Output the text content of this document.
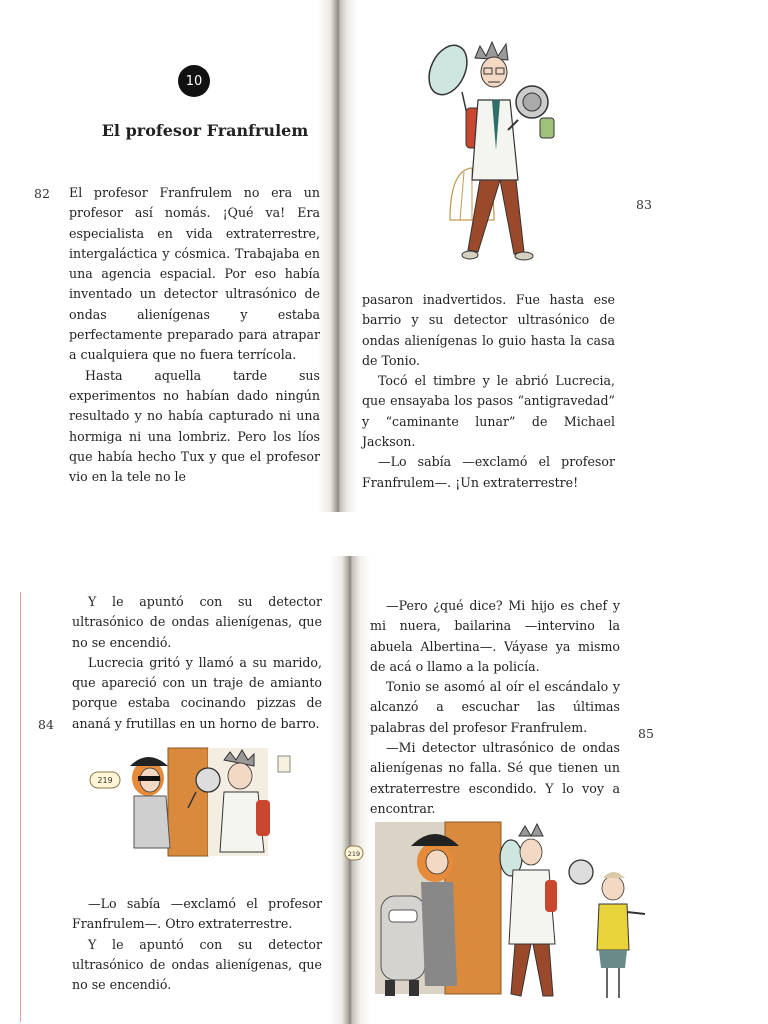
82
10
El profesor Franfrulem

El profesor Franfrulem no era un profesor así nomás. ¡Qué va! Era especialista en vida extraterrestre, intergaláctica y cósmica. Trabajaba en una agencia espacial. Por eso había inventado un detector ultrasónico de ondas alienígenas y estaba perfectamente preparado para atrapar a cualquiera que no fuera terrícola.

Hasta aquella tarde sus experimentos no habían dado ningún resultado y no había capturado ni una hormiga ni una lombriz. Pero los líos que había hecho Tux y que el profesor vio en la tele no le

83

pasaron inadvertidos. Fue hasta ese barrio y su detector ultrasónico de ondas alienígenas lo guio hasta la casa de Tonio.

Tocó el timbre y le abrió Lucrecia, que ensayaba los pasos “antigravedad” y “caminante lunar” de Michael Jackson.

—Lo sabía —exclamó el profesor Franfrulem—. ¡Un extraterrestre!

84

Y le apuntó con su detector ultrasónico de ondas alienígenas, que no se encendió.

Lucrecia gritó y llamó a su marido, que apareció con un traje de amianto porque estaba cocinando pizzas de ananá y frutillas en un horno de barro.

219

—Lo sabía —exclamó el profesor Franfrulem—. Otro extraterrestre.

Y le apuntó con su detector ultrasónico de ondas alienígenas, que no se encendió.

85

—Pero ¿qué dice? Mi hijo es chef y mi nuera, bailarina —intervino la abuela Albertina—. Váyase ya mismo de acá o llamo a la policía.

Tonio se asomó al oír el escándalo y alcanzó a escuchar las últimas palabras del profesor Franfrulem.

—Mi detector ultrasónico de ondas alienígenas no falla. Sé que tienen un extraterrestre escondido. Y lo voy a encontrar.

219
